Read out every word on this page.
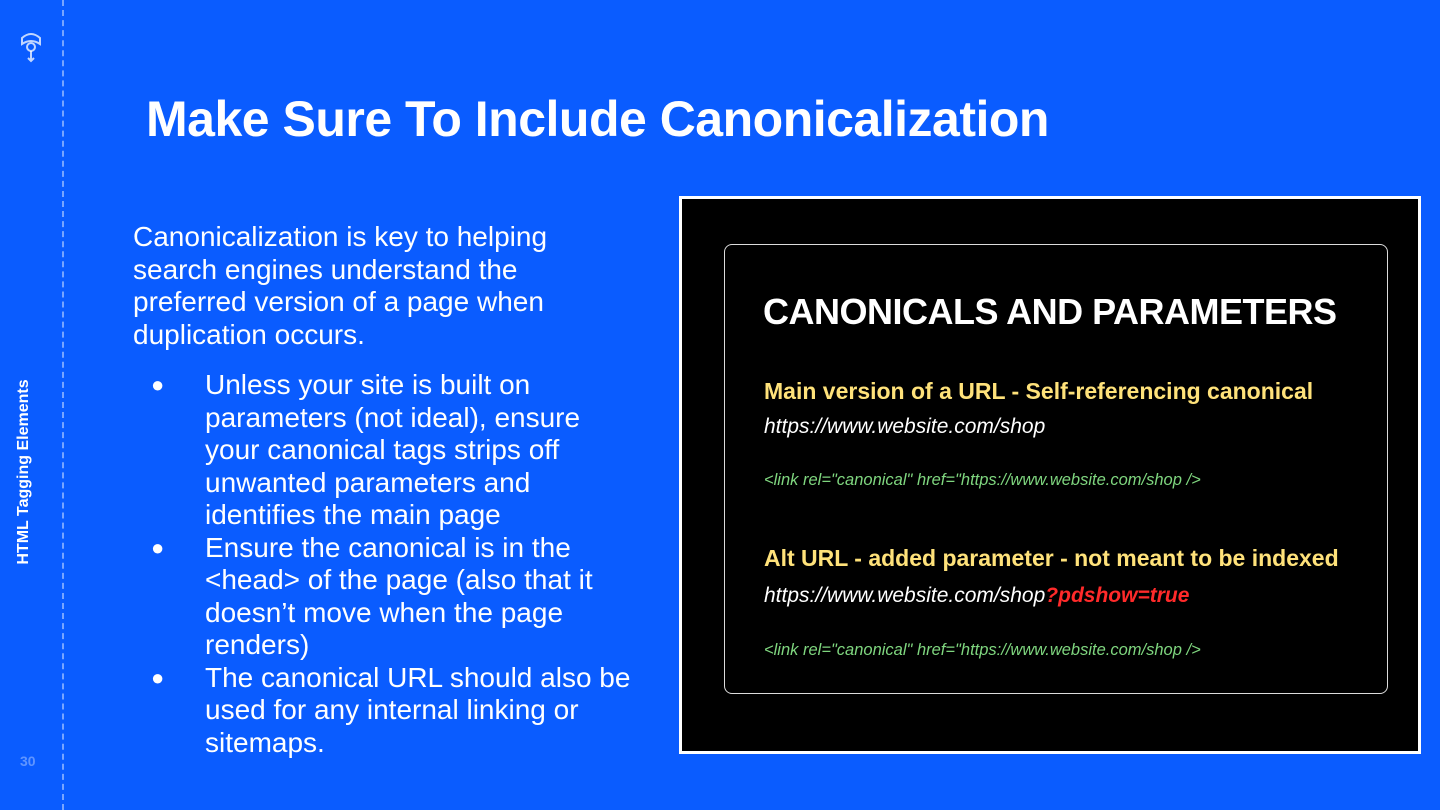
HTML Tagging Elements
30
Make Sure To Include Canonicalization

Canonicalization is key to helping search engines understand the preferred version of a page when duplication occurs.

● Unless your site is built on parameters (not ideal), ensure your canonical tags strips off unwanted parameters and identifies the main page
● Ensure the canonical is in the <head> of the page (also that it doesn’t move when the page renders)
● The canonical URL should also be used for any internal linking or sitemaps.
CANONICALS AND PARAMETERS
Main version of a URL - Self-referencing canonical
https://www.website.com/shop
<link rel="canonical" href="https://www.website.com/shop />
Alt URL - added parameter - not meant to be indexed
https://www.website.com/shop?pdshow=true
<link rel="canonical" href="https://www.website.com/shop />
